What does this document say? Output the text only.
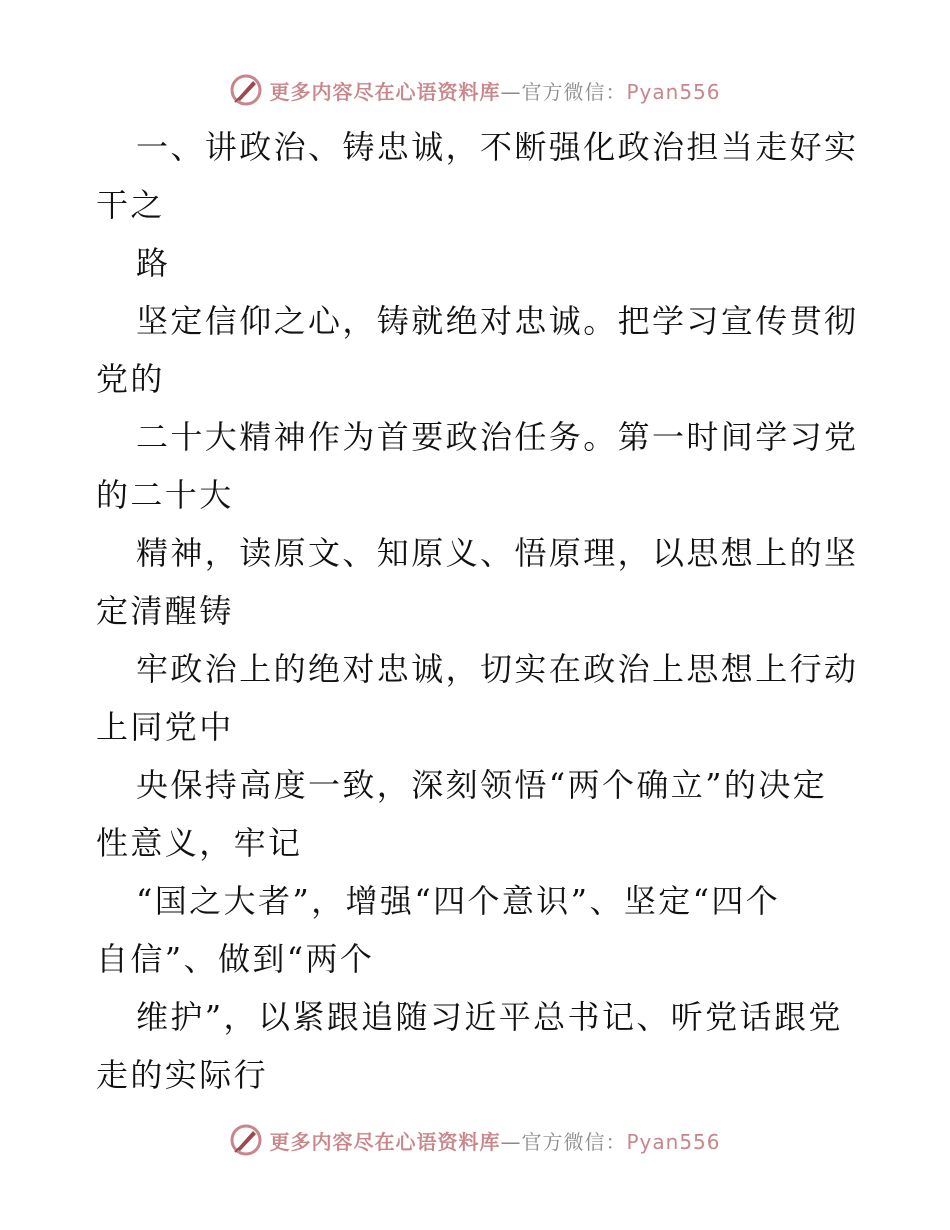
更多内容尽在心语资料库—官方微信：Pyan556
一、讲政治、铸忠诚，不断强化政治担当走好实
干之
路
坚定信仰之心，铸就绝对忠诚。把学习宣传贯彻
党的
二十大精神作为首要政治任务。第一时间学习党
的二十大
精神，读原文、知原义、悟原理，以思想上的坚
定清醒铸
牢政治上的绝对忠诚，切实在政治上思想上行动
上同党中
央保持高度一致，深刻领悟“两个确立”的决定
性意义，牢记
“国之大者”，增强“四个意识”、坚定“四个
自信”、做到“两个
维护”，以紧跟追随习近平总书记、听党话跟党
走的实际行
更多内容尽在心语资料库—官方微信：Pyan556
